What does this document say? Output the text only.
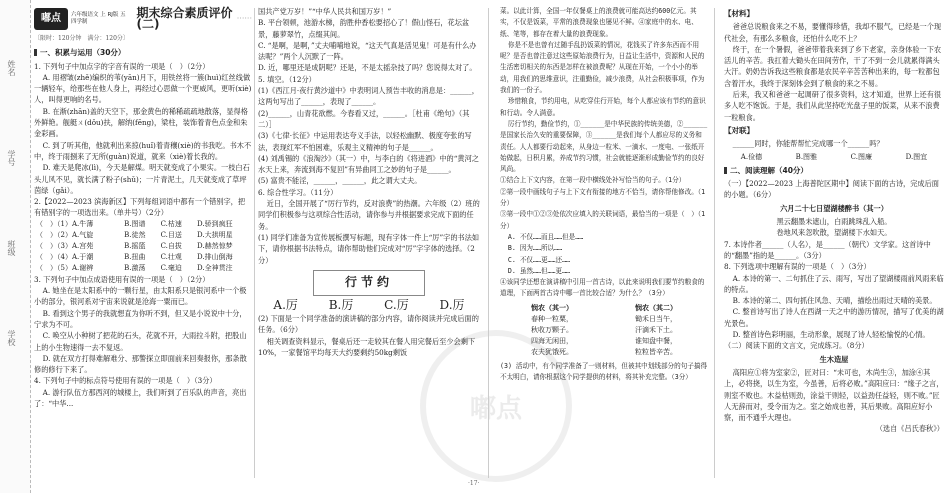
姓名
学号
班级
学校
嘟点
嘟点	六年级语文 上 RJ版 五四学制
期末综合素质评价(二)	······
〔限时：120分钟　满分：120分〕
一、积累与运用（30分）

1. 下列句子中加点字的字音有误的一项是（　）（2分）

A. 用褶皱(zhě)编织的苇(yān)月下，用铁丝将一簇(huì)红丝线做一辆轻车，给那些在他人身上，再经过心思做一个更威风，更听(xiè)人，叫得更响的名号。

B. 在渐(zhān)盖的天空下，那金黄色的稀稀疏疏地散落，显得格外鲜艳。舰艇ㄨ(dǒu)扶，解纳(fēng)，梁柱，装饰着青色点金和朱金彩画。

C. 到了听其他，他就利出来掠(huǐ)着青穰(xiè)的书我吃。书木不中，终于雨捌来了无所(guàn)说道，就来（xiè)着长我的。

D. 难天是爬冰(lì)，今天是解煤。明天就变成了小果实。一枝白石头儿风不见，就长满了粉子(shǔ)；一片青泥土，几天就变成了草坪茵绿（gǎi）。

2.【2022—2023 滨海新区】下列每组词语中都有一个错别字，把有错别字的一项选出来。（单井号）（2分）

（　）（1）A.牛薄	B.图谱	C.枯速	D.骄到疯狂
（　）（2）A.气旋	B.徒然	C.目送	D.大拱明星
（　）（3）A.宫苑	B.摇篮	C.自拔	D.赫然惊梦
（　）（4）A.于潮	B.扭曲	C.壮观	D.排山倒海
（　）（5）A.谢辨	B.激荡	C.毫迫	D.全神贯注

3. 下列句子中加点成语使用有误的一项是（　）（2分）

A. 她坐在是太阳系中的一颗行星，由太阳系只是银河系中一个极小的部分，银河系对宇宙来说就是沧海一粟而已。

B. 看到这个男子的我就想直为你听不到，但又是小说说中十分，宁求为不可。

C. 唤空从小种树了把花的石头，花就不开，大雨拉斗附，把股山上的小生物速得一去不复返。

D. 就在双方打得难解难分、那警探立即面前来回奏报你，那条散修的修行下来了。

4. 下列句子中的标点符号使用有误的一项是（　）（3分）

A. 游行队伍方那西河的城楼上，我们听到了百乐队的声音，亮出了：“中华...

国共产党万岁！”“中华人民共和国万岁！”

B. 平台领顿，池游水梯，韵胜仲香松要招心了！假山怪石，花坛盆景，藤萝翠竹，点缀其间。

C. “是啊，是啊，”丈夫哺哺地说，“这天气真是活见鬼！可是有什么办法呢？”两个人沉默了一阵。

D. 近，哪里还是成阴呢？还是，不是太摇杂技了吗？您说得太对了。

5. 填空。（12分）

(1)《西江月·夜行黄沙道中》中表明词人预告丰收的消息是：______，这两句写出了______，表现了______。

(2)______，山青花欲燃。今春看又过，______。［杜甫《绝句》（其二）］

(3)《七律·长征》中运用表达夸义手法，以轻松幽默、极度夸张的写法，表现红军不怕困难，乐观主义精神的句子是______。

(4) 刘禹锡的《浪淘沙》（其一）中，与李白的《将进酒》中的“黄河之水天上来，奔流到海不复回”有异曲同工之妙的句子是______。

(5) 富贵不能淫，______，______，此之谓大丈夫。

6. 综合性学习。（11分）

近日，全国开展了“厉行节约，反对浪费”的热潮。六年级（2）班的同学们积极参与这项综合性活动，请你参与并根据要求完成下面的任务。

(1) 同学们准备为宣传展板撰写标题，现有字体一件上“厉”字的书法如下，请你根据书法特点，请你帮助他们完成对“厉”字字体的选择。（2分）

行节约
A.厉	B.厉	C.厉	D.厉

(2) 下面是一个同学准备的演讲稿的部分内容，请你阅读并完成后面的任务。（6分）

相关调查资料显示，餐桌后还一走较其在餐人用完餐后至少会剩下10%，一家餐馆平均每天大约要剩约50kg剩饭

菜。以此计算，全国一年仅餐桌上的浪费就可能高达约600亿元。其实，不仅是饭菜，平常的浪费现象也屡见不鲜。④家庭中的水、电、纸、笔等，都存在着大量的浪费现象。

你是不是也曾有过随手乱扔饭菜的情况，花钱买了许多东西而不用呢？是否也曾注意过这些原始浪费行为，日益让生活中，资源和人民的生活密切相关的东西是怎样在被浪费呢？从现在开始，一个小小的举动，用我们的思维意识，注重勤俭，减少浪费，从社会积极事项，作为我们的一份子。

珍惜粮食，节约用电，从吃穿住行开始，每个人都应该有节约的意识和行动。令人满意。

厉行节约，勤俭节约，①______是中华民族的传统美德，②______是国家长治久安的重要保障，③______是我们每个人都应尽的义务和责任。人人都要行动起来，从身边一粒米、一滴水、一度电、一张纸开始做起，日积月累，养成节约习惯，社会就能逐渐形成勤俭节约的良好风尚。

①结合上下文内容，在第一段中横线处补写恰当的句子。（1分）

②第一段中画线句子与上下文有衔接的地方不恰当，请你帮他修改。（1分）

③第一段中①②③处依次应填入的关联词语，最恰当的一项是（　）（1分）

A. 不仅……而且……但是……

B. 因为……所以……

C. 不仅……更……还……

D. 虽然……但……更……

④该同学还想在演讲稿中引用一首古诗，以此来说明我们要节约粮食的道理，下面两首古诗中哪一首比较合适？为什么？（3分）

悯农（其一）
春种一粒粟，
秋收万颗子。
四海无闲田，
农夫犹饿死。
悯农（其二）
锄禾日当午，
汗滴禾下土。
谁知盘中餐，
粒粒皆辛苦。

(3) 活动中，有个同学准备了一则材料，但被其中划线部分的句子搞得不太明白，请你根据这个同学提供的材料，将其补充完整。（3分）

【材料】

爸爸总说粮食来之不易，要懂得珍惜，我却不服气，已经是一个现代社会，有那么多粮食，还怕什么吃不上？

终于，在一个暑假，爸爸带着我来到了乡下老家，亲身体验一下农活儿的辛苦。我扛着大锄头在田间劳作，干了不到一会儿就累得满头大汗。奶奶告诉我这些粮食都是农民辛辛苦苦种出来的，每一粒都包含着汗水，我终于深刻体会到了粮食的来之不易。

后来，我又和爸爸一起调研了很多资料，这才知道，世界上还有很多人吃不饱饭。于是，我们从此坚持吃光盘子里的饭菜，从来不浪费一粒粮食。

【对联】

______同时，你能帮帮忙完成哪一个______吗？

A.俭德	B.图雅	C.图廉	D.图宜
二、阅读理解（40分）

（一）【2022—2023 上海普陀区期中】阅读下面的古诗，完成后面的小题。（6分）

六月二十七日望湖楼醉书（其一）

黑云翻墨未遮山，白雨跳珠乱入船。

卷地风来忽吹散，望湖楼下水如天。

7. 本诗作者______（人名），是______（朝代）文学家。这首诗中的“翻墨”指的是______。（3分）

8. 下列选项中理解有误的一项是（　）（3分）

A. 本诗的第一、二句抓住了云、雨写，写出了望湖楼雨前风雨来临的特点。

B. 本诗的第二、四句抓住风急、天晴，描绘出雨过天晴的美景。

C. 整首诗写出了诗人在西湖一天之中的游历情况，描写了优美的湖光景色。

D. 整首诗色彩明丽，生动形象，展现了诗人轻松愉悦的心情。

（二）阅读下面的文言文，完成练习。（8分）

生木造屋

高阳应①将为室家②，匠对曰：“未可也，木尚生③，加涂④其上，必将挠，以生为室，今虽善，后将必败。”高阳应曰：“缘子之言，则室不败也。木益枯则劲，涂益干则轻，以益劲任益轻，则不败。”匠人无辞而对，受令而为之。室之始成也善，其后果败。高阳应好小察，而不通乎大理也。

（选自《吕氏春秋》）

·17·
